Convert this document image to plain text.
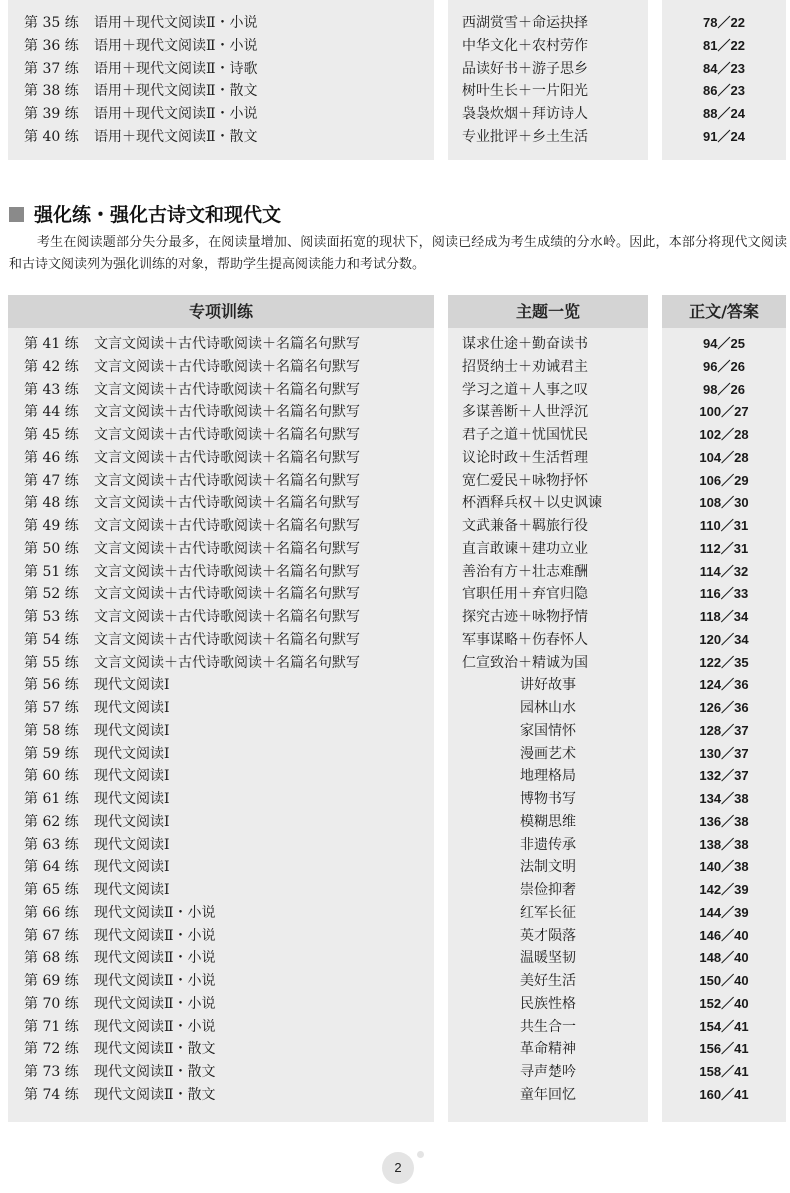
第 35 练 语用＋现代文阅读Ⅱ・小说
第 36 练 语用＋现代文阅读Ⅱ・小说
第 37 练 语用＋现代文阅读Ⅱ・诗歌
第 38 练 语用＋现代文阅读Ⅱ・散文
第 39 练 语用＋现代文阅读Ⅱ・小说
第 40 练 语用＋现代文阅读Ⅱ・散文
西湖赏雪＋命运抉择
中华文化＋农村劳作
品读好书＋游子思乡
树叶生长＋一片阳光
袅袅炊烟＋拜访诗人
专业批评＋乡土生活
78／22
81／22
84／23
86／23
88／24
91／24
强化练・强化古诗文和现代文
考生在阅读题部分失分最多，在阅读量增加、阅读面拓宽的现状下，阅读已经成为考生成绩的分水岭。因此，本部分将现代文阅读和古诗文阅读列为强化训练的对象，帮助学生提高阅读能力和考试分数。
专项训练
第 41 练 文言文阅读＋古代诗歌阅读＋名篇名句默写
第 42 练 文言文阅读＋古代诗歌阅读＋名篇名句默写
第 43 练 文言文阅读＋古代诗歌阅读＋名篇名句默写
第 44 练 文言文阅读＋古代诗歌阅读＋名篇名句默写
第 45 练 文言文阅读＋古代诗歌阅读＋名篇名句默写
第 46 练 文言文阅读＋古代诗歌阅读＋名篇名句默写
第 47 练 文言文阅读＋古代诗歌阅读＋名篇名句默写
第 48 练 文言文阅读＋古代诗歌阅读＋名篇名句默写
第 49 练 文言文阅读＋古代诗歌阅读＋名篇名句默写
第 50 练 文言文阅读＋古代诗歌阅读＋名篇名句默写
第 51 练 文言文阅读＋古代诗歌阅读＋名篇名句默写
第 52 练 文言文阅读＋古代诗歌阅读＋名篇名句默写
第 53 练 文言文阅读＋古代诗歌阅读＋名篇名句默写
第 54 练 文言文阅读＋古代诗歌阅读＋名篇名句默写
第 55 练 文言文阅读＋古代诗歌阅读＋名篇名句默写
第 56 练 现代文阅读Ⅰ
第 57 练 现代文阅读Ⅰ
第 58 练 现代文阅读Ⅰ
第 59 练 现代文阅读Ⅰ
第 60 练 现代文阅读Ⅰ
第 61 练 现代文阅读Ⅰ
第 62 练 现代文阅读Ⅰ
第 63 练 现代文阅读Ⅰ
第 64 练 现代文阅读Ⅰ
第 65 练 现代文阅读Ⅰ
第 66 练 现代文阅读Ⅱ・小说
第 67 练 现代文阅读Ⅱ・小说
第 68 练 现代文阅读Ⅱ・小说
第 69 练 现代文阅读Ⅱ・小说
第 70 练 现代文阅读Ⅱ・小说
第 71 练 现代文阅读Ⅱ・小说
第 72 练 现代文阅读Ⅱ・散文
第 73 练 现代文阅读Ⅱ・散文
第 74 练 现代文阅读Ⅱ・散文
主题一览
谋求仕途＋勤奋读书
招贤纳士＋劝诫君主
学习之道＋人事之叹
多谋善断＋人世浮沉
君子之道＋忧国忧民
议论时政＋生活哲理
宽仁爱民＋咏物抒怀
杯酒释兵权＋以史讽谏
文武兼备＋羁旅行役
直言敢谏＋建功立业
善治有方＋壮志难酬
官职任用＋弃官归隐
探究古迹＋咏物抒情
军事谋略＋伤春怀人
仁宣致治＋精诚为国
讲好故事
园林山水
家国情怀
漫画艺术
地理格局
博物书写
模糊思维
非遗传承
法制文明
崇俭抑奢
红军长征
英才陨落
温暖坚韧
美好生活
民族性格
共生合一
革命精神
寻声楚吟
童年回忆
正文/答案
94／25
96／26
98／26
100／27
102／28
104／28
106／29
108／30
110／31
112／31
114／32
116／33
118／34
120／34
122／35
124／36
126／36
128／37
130／37
132／37
134／38
136／38
138／38
140／38
142／39
144／39
146／40
148／40
150／40
152／40
154／41
156／41
158／41
160／41
2
